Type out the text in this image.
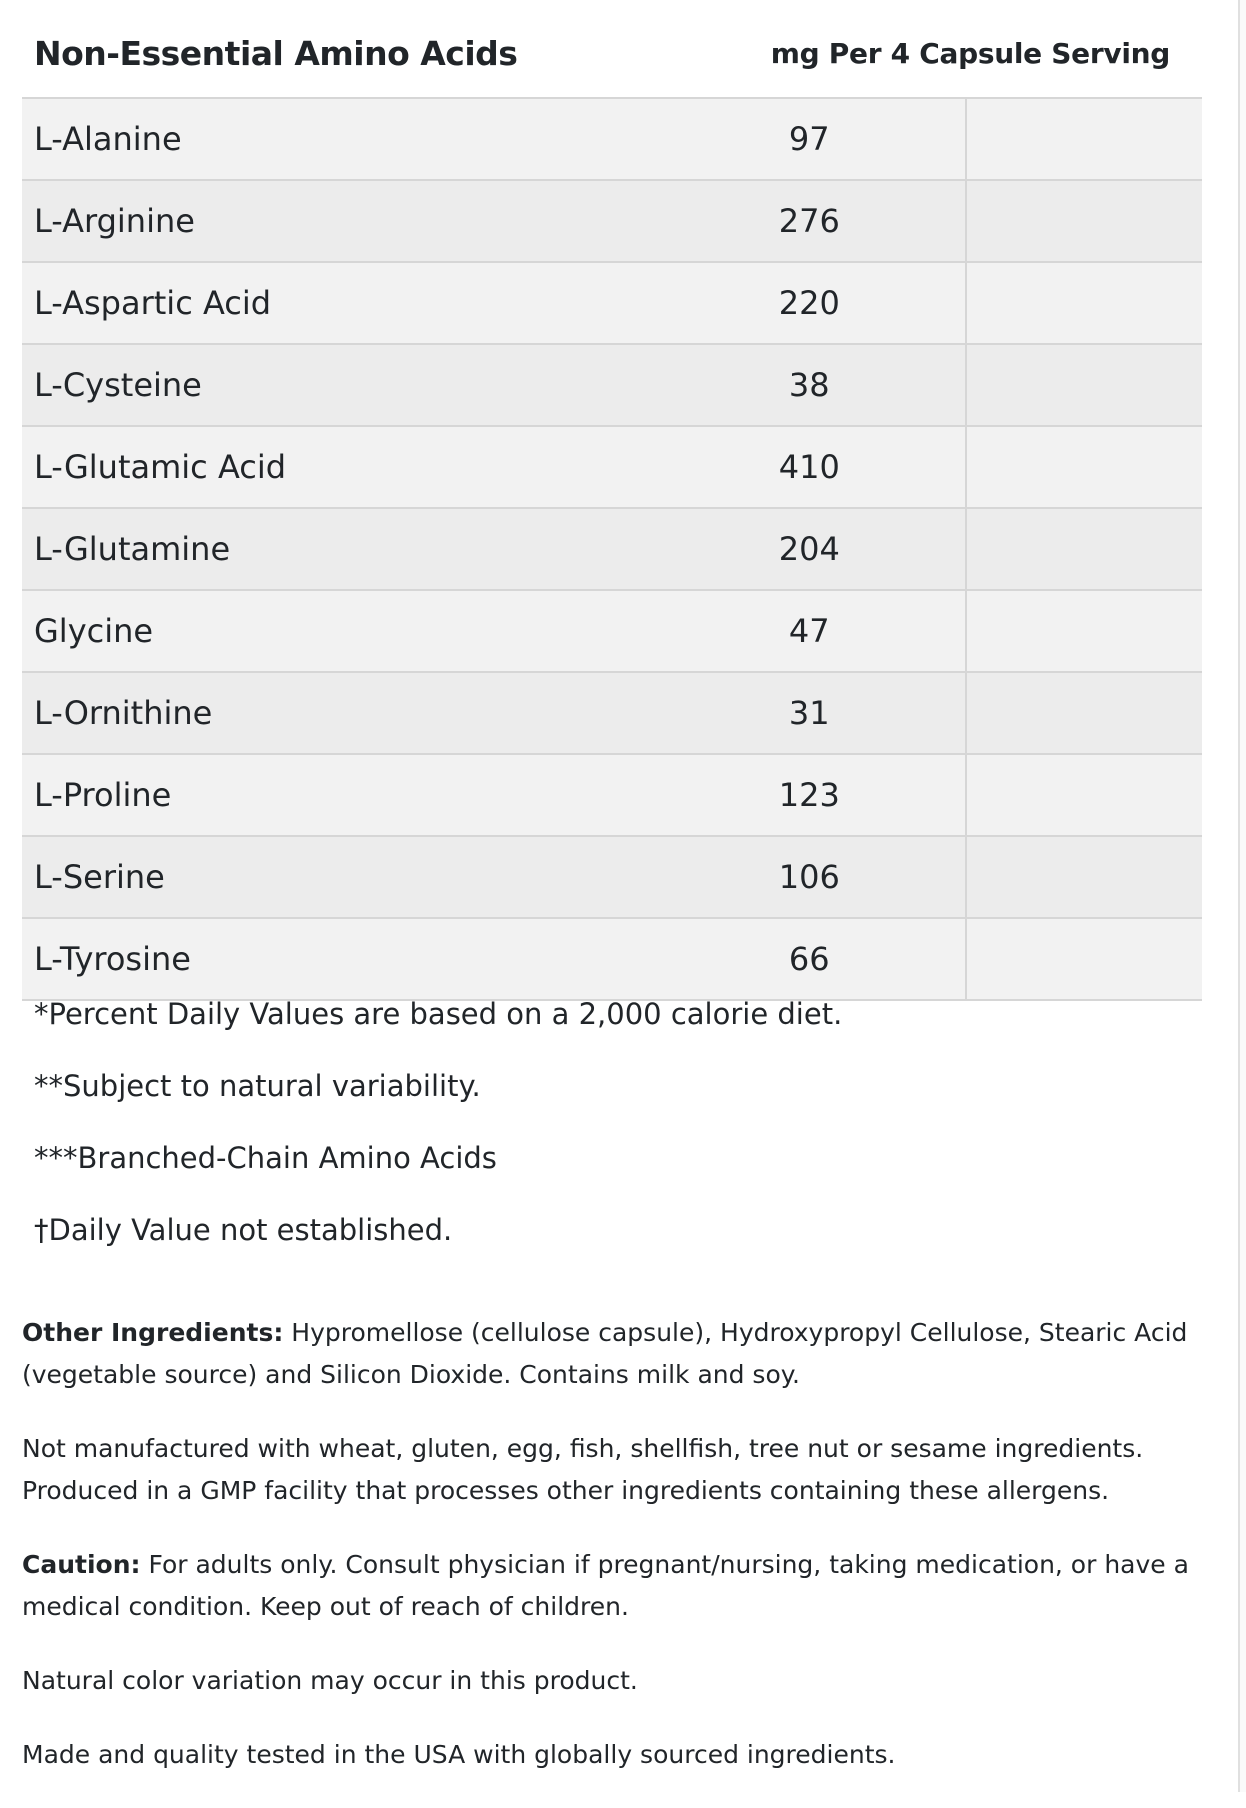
Non-Essential Amino Acids	mg Per 4 Capsule Serving	
L-Alanine	97	
L-Arginine	276	
L-Aspartic Acid	220	
L-Cysteine	38	
L-Glutamic Acid	410	
L-Glutamine	204	
Glycine	47	
L-Ornithine	31	
L-Proline	123	
L-Serine	106	
L-Tyrosine	66	

*Percent Daily Values are based on a 2,000 calorie diet.

**Subject to natural variability.

***Branched-Chain Amino Acids

†Daily Value not established.

Other Ingredients: Hypromellose (cellulose capsule), Hydroxypropyl Cellulose, Stearic Acid (vegetable source) and Silicon Dioxide. Contains milk and soy.

Not manufactured with wheat, gluten, egg, fish, shellfish, tree nut or sesame ingredients. Produced in a GMP facility that processes other ingredients containing these allergens.

Caution: For adults only. Consult physician if pregnant/nursing, taking medication, or have a medical condition. Keep out of reach of children.

Natural color variation may occur in this product.

Made and quality tested in the USA with globally sourced ingredients.
